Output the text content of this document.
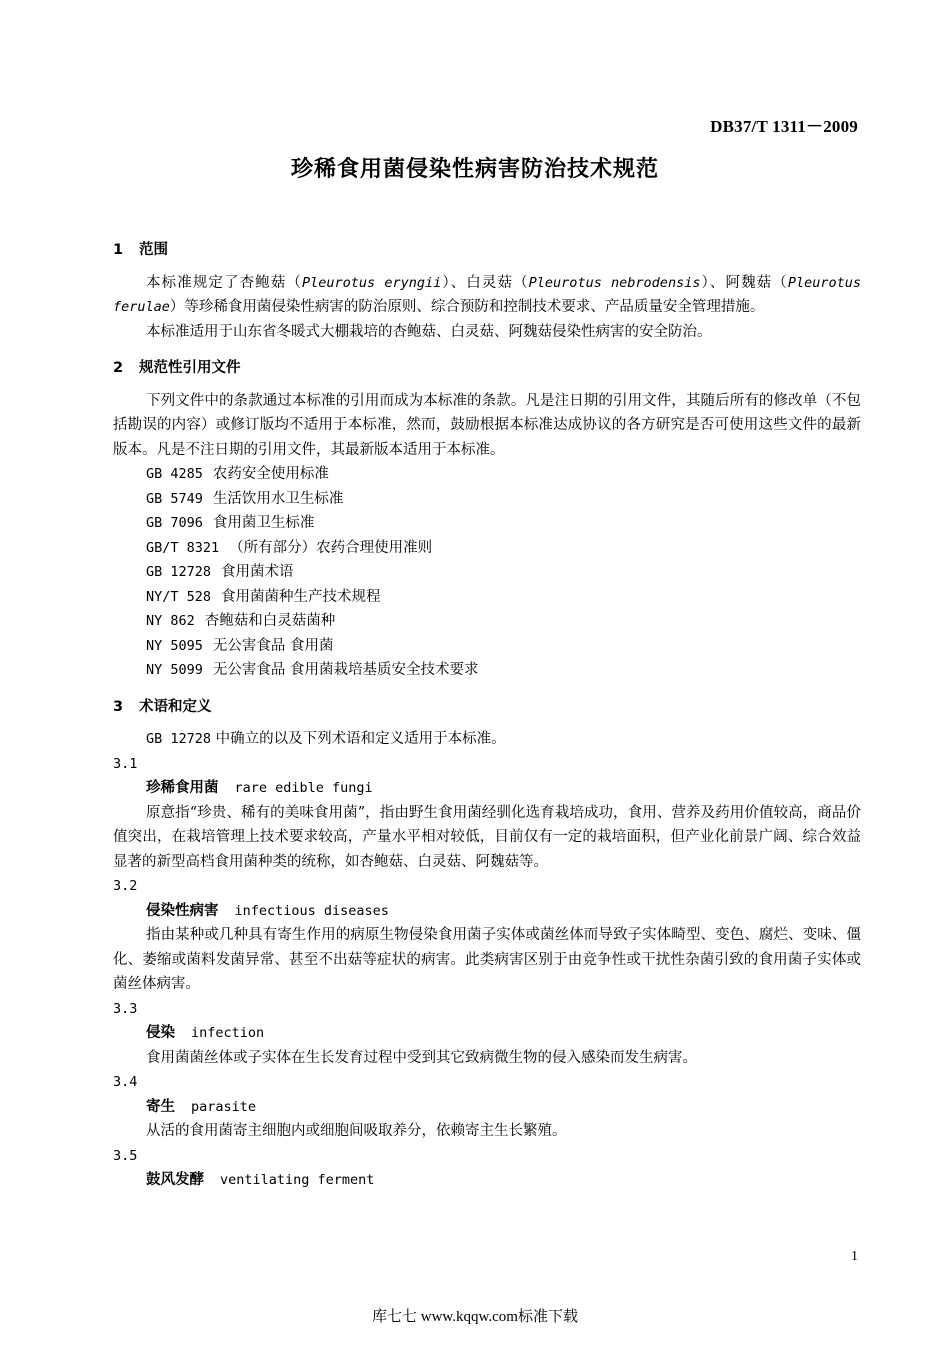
DB37/T 1311－2009
珍稀食用菌侵染性病害防治技术规范
1 范围
本标准规定了杏鲍菇（Pleurotus eryngii）、白灵菇（Pleurotus nebrodensis）、阿魏菇（Pleurotus ferulae）等珍稀食用菌侵染性病害的防治原则、综合预防和控制技术要求、产品质量安全管理措施。
本标准适用于山东省冬暖式大棚栽培的杏鲍菇、白灵菇、阿魏菇侵染性病害的安全防治。
2 规范性引用文件
下列文件中的条款通过本标准的引用而成为本标准的条款。凡是注日期的引用文件，其随后所有的修改单（不包括勘误的内容）或修订版均不适用于本标准，然而，鼓励根据本标准达成协议的各方研究是否可使用这些文件的最新版本。凡是不注日期的引用文件，其最新版本适用于本标准。
GB 4285 农药安全使用标准
GB 5749 生活饮用水卫生标准
GB 7096 食用菌卫生标准
GB/T 8321 （所有部分）农药合理使用准则
GB 12728 食用菌术语
NY/T 528 食用菌菌种生产技术规程
NY 862 杏鲍菇和白灵菇菌种
NY 5095 无公害食品 食用菌
NY 5099 无公害食品 食用菌栽培基质安全技术要求
3 术语和定义
GB 12728 中确立的以及下列术语和定义适用于本标准。
3.1
珍稀食用菌 rare edible fungi
原意指“珍贵、稀有的美味食用菌”，指由野生食用菌经驯化选育栽培成功，食用、营养及药用价值较高，商品价值突出，在栽培管理上技术要求较高，产量水平相对较低，目前仅有一定的栽培面积，但产业化前景广阔、综合效益显著的新型高档食用菌种类的统称，如杏鲍菇、白灵菇、阿魏菇等。
3.2
侵染性病害 infectious diseases
指由某种或几种具有寄生作用的病原生物侵染食用菌子实体或菌丝体而导致子实体畸型、变色、腐烂、变味、僵化、萎缩或菌料发菌异常、甚至不出菇等症状的病害。此类病害区别于由竞争性或干扰性杂菌引致的食用菌子实体或菌丝体病害。
3.3
侵染 infection
食用菌菌丝体或子实体在生长发育过程中受到其它致病微生物的侵入感染而发生病害。
3.4
寄生 parasite
从活的食用菌寄主细胞内或细胞间吸取养分，依赖寄主生长繁殖。
3.5
鼓风发酵 ventilating ferment
1
库七七 www.kqqw.com标准下载
